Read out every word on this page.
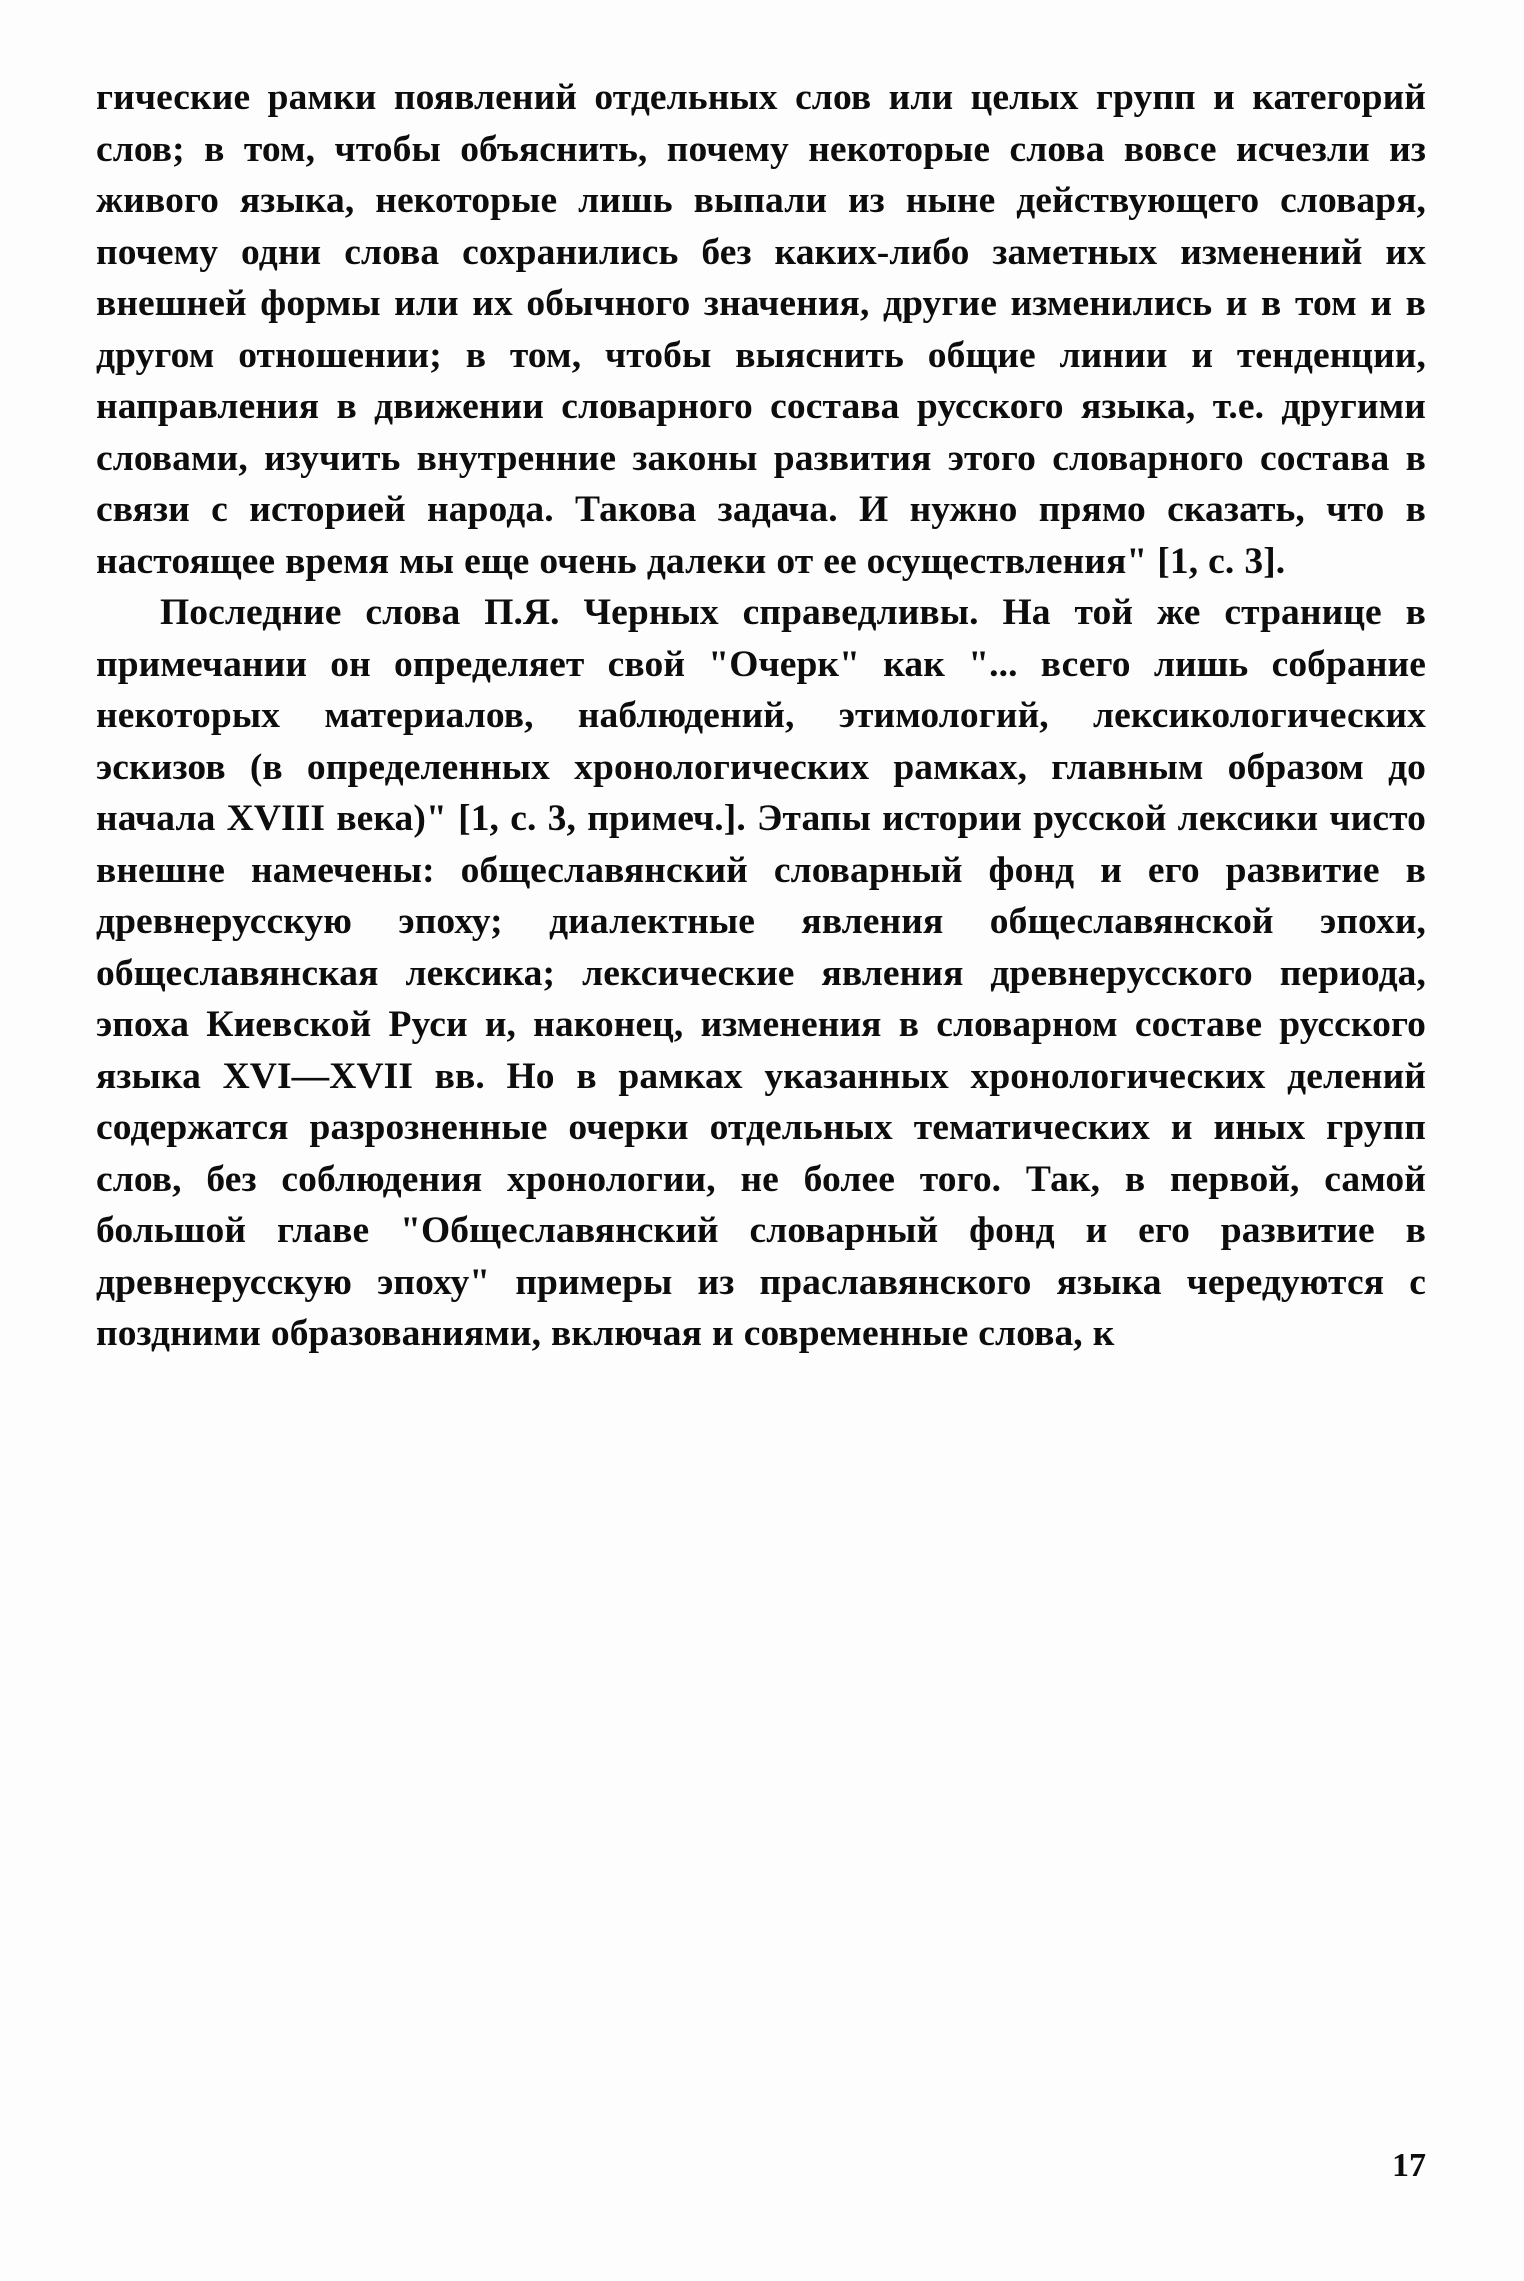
гические рамки появлений отдельных слов или целых групп и категорий слов; в том, чтобы объяснить, почему некоторые слова вовсе исчезли из живого языка, некоторые лишь выпали из ныне действующего словаря, почему одни слова сохранились без каких-либо заметных изменений их внешней формы или их обычного значения, другие изменились и в том и в другом отношении; в том, чтобы выяснить общие линии и тенденции, направления в движении словарного состава русского языка, т.е. другими словами, изучить внутренние законы развития этого словарного состава в связи с историей народа. Такова задача. И нужно прямо сказать, что в настоящее время мы еще очень далеки от ее осуществления" [1, с. 3].

Последние слова П.Я. Черных справедливы. На той же странице в примечании он определяет свой "Очерк" как "... всего лишь собрание некоторых материалов, наблюдений, этимологий, лексикологических эскизов (в определенных хронологических рамках, главным образом до начала XVIII века)" [1, с. 3, примеч.]. Этапы истории русской лексики чисто внешне намечены: общеславянский словарный фонд и его развитие в древнерусскую эпоху; диалектные явления общеславянской эпохи, общеславянская лексика; лексические явления древнерусского периода, эпоха Киевской Руси и, наконец, изменения в словарном составе русского языка XVI—XVII вв. Но в рамках указанных хронологических делений содержатся разрозненные очерки отдельных тематических и иных групп слов, без соблюдения хронологии, не более того. Так, в первой, самой большой главе "Общеславянский словарный фонд и его развитие в древнерусскую эпоху" примеры из праславянского языка чередуются с поздними образованиями, включая и современные слова, к

17
